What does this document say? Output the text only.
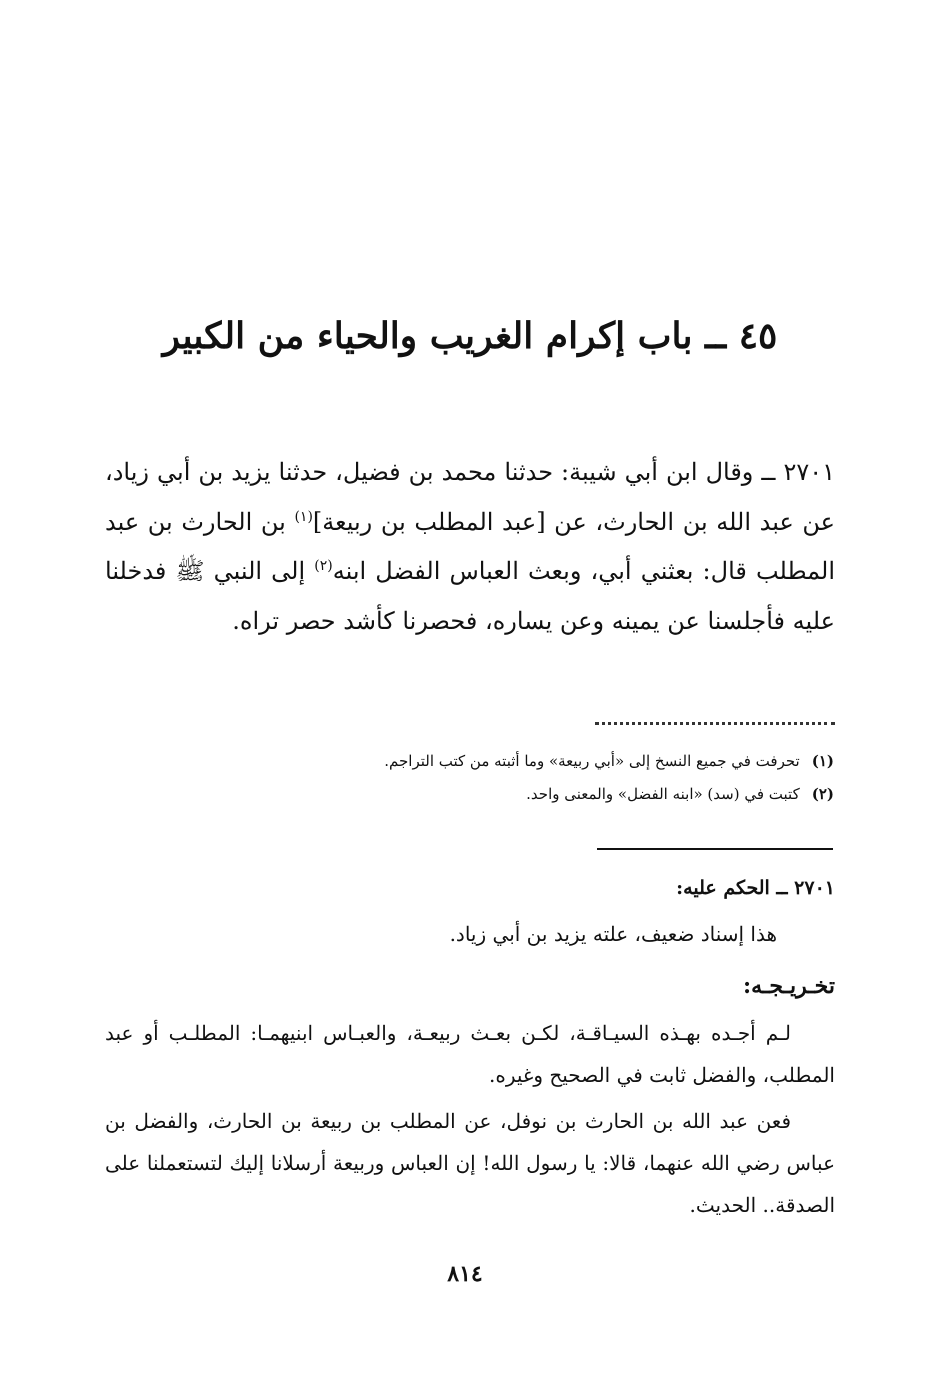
٤٥ ــ باب إكرام الغريب والحياء من الكبير
٢٧٠١ ــ وقال ابن أبي شيبة: حدثنا محمد بن فضيل، حدثنا يزيد بن أبي زياد، عن عبد الله بن الحارث، عن [عبد المطلب بن ربيعة]$^{(١)}$ بن الحارث بن عبد المطلب قال: بعثني أبي، وبعث العباس الفضل ابنه$^{(٢)}$ إلى النبي ﷺ فدخلنا عليه فأجلسنا عن يمينه وعن يساره، فحصرنا كأشد حصر تراه.
(١)تحرفت في جميع النسخ إلى «أبي ربيعة» وما أثبته من كتب التراجم.
(٢)كتبت في (سد) «ابنه الفضل» والمعنى واحد.
٢٧٠١ ــ الحكم عليه:
هذا إسناد ضعيف، علته يزيد بن أبي زياد.
تخـريـجـه:

لـم أجـده بهـذه السيـاقـة، لكـن بعـث ربيعـة، والعبـاس ابنيهمـا: المطلـب أو عبد المطلب، والفضل ثابت في الصحيح وغيره.

فعن عبد الله بن الحارث بن نوفل، عن المطلب بن ربيعة بن الحارث، والفضل بن عباس رضي الله عنهما، قالا: يا رسول الله! إن العباس وربيعة أرسلانا إليك لتستعملنا على الصدقة.. الحديث.

٨١٤
